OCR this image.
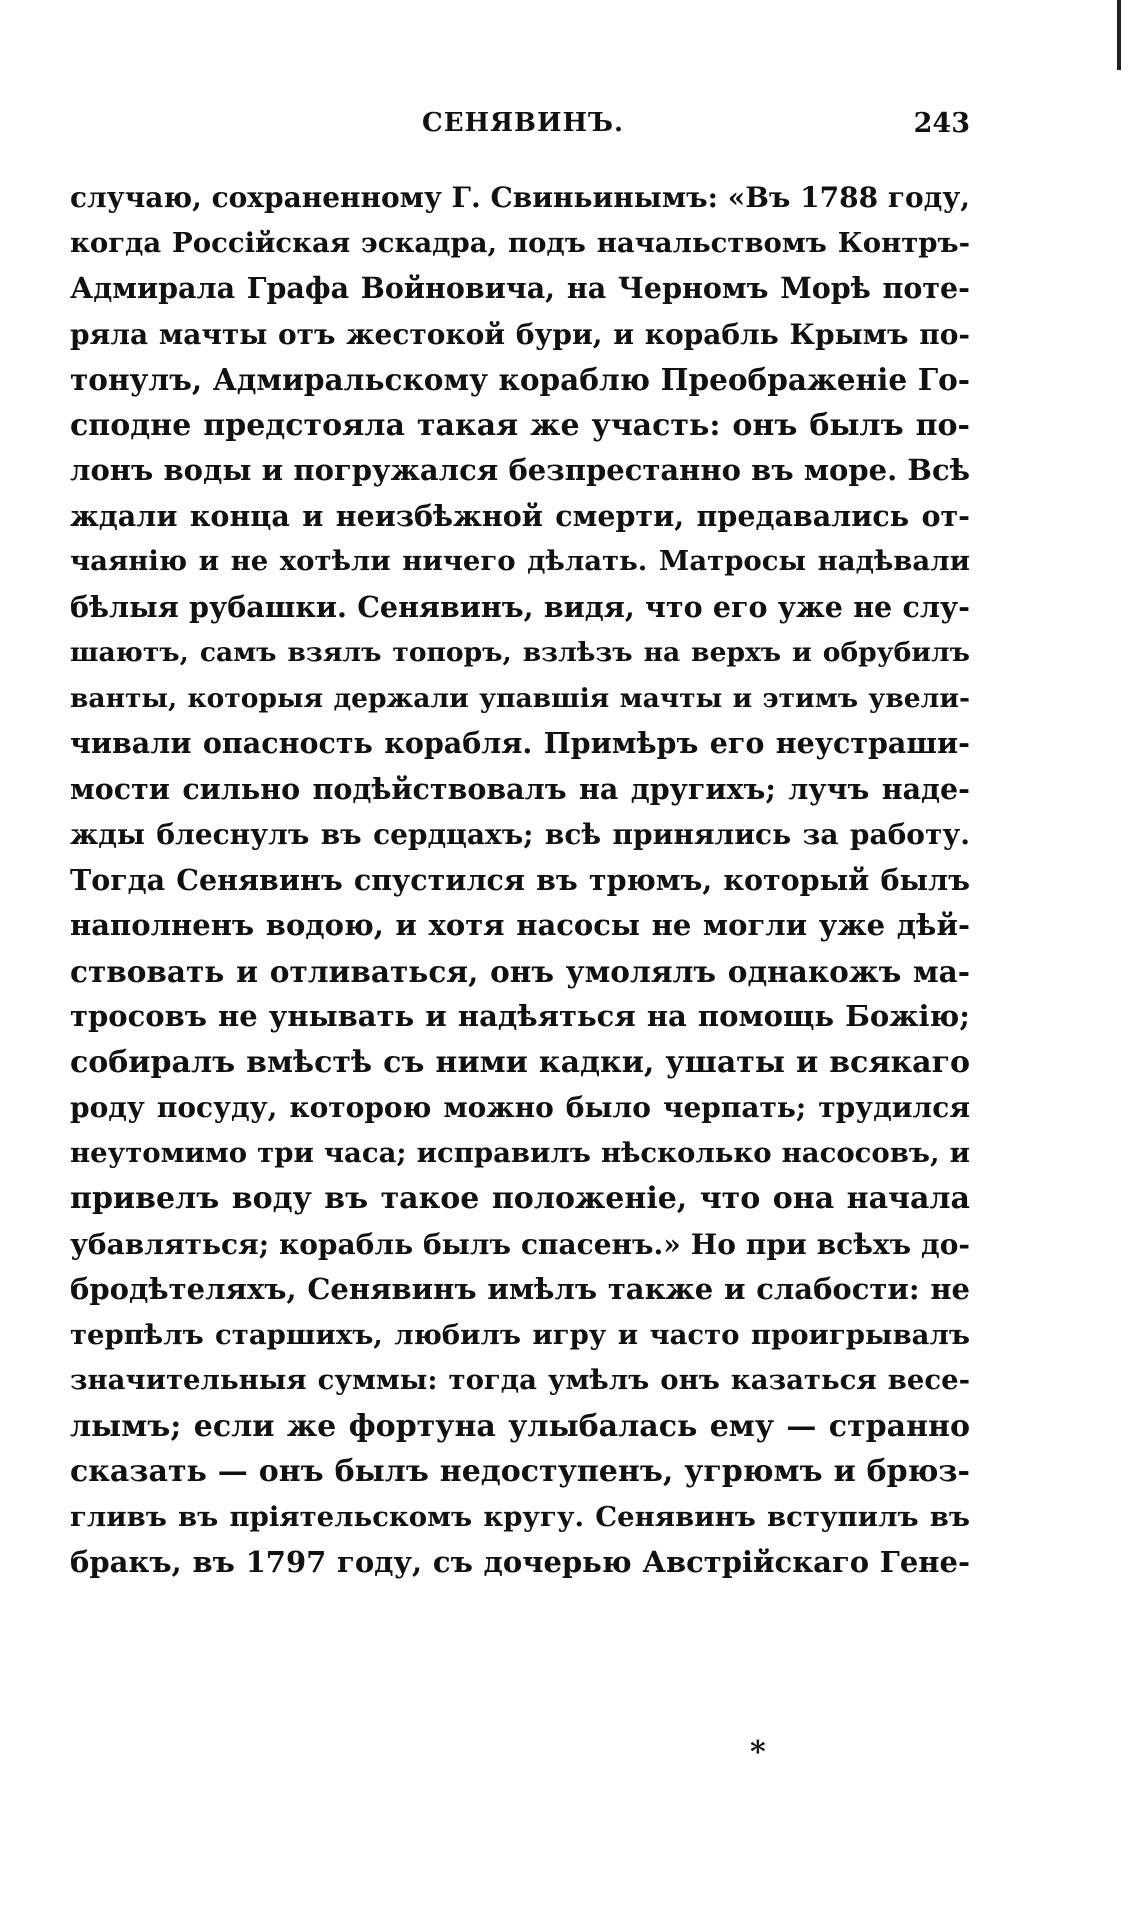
СЕНЯВИНЪ.	243
случаю, сохраненному Г. Свиньинымъ: «Въ 1788 году,
когда Россійская эскадра, подъ начальствомъ Контръ-
Адмирала Графа Войновича, на Черномъ Морѣ поте-
ряла мачты отъ жестокой бури, и корабль Крымъ по-
тонулъ, Адмиральскому кораблю Преображеніе Го-
сподне предстояла такая же участь: онъ былъ по-
лонъ воды и погружался безпрестанно въ море. Всѣ
ждали конца и неизбѣжной смерти, предавались от-
чаянію и не хотѣли ничего дѣлать. Матросы надѣвали
бѣлыя рубашки. Сенявинъ, видя, что его уже не слу-
шаютъ, самъ взялъ топоръ, взлѣзъ на верхъ и обрубилъ
ванты, которыя держали упавшія мачты и этимъ увели-
чивали опасность корабля. Примѣръ его неустраши-
мости сильно подѣйствовалъ на другихъ; лучъ наде-
жды блеснулъ въ сердцахъ; всѣ принялись за работу.
Тогда Сенявинъ спустился въ трюмъ, который былъ
наполненъ водою, и хотя насосы не могли уже дѣй-
ствовать и отливаться, онъ умолялъ однакожъ ма-
тросовъ не унывать и надѣяться на помощь Божію;
собиралъ вмѣстѣ съ ними кадки, ушаты и всякаго
роду посуду, которою можно было черпать; трудился
неутомимо три часа; исправилъ нѣсколько насосовъ, и
привелъ воду въ такое положеніе, что она начала
убавляться; корабль былъ спасенъ.» Но при всѣхъ до-
бродѣтеляхъ, Сенявинъ имѣлъ также и слабости: не
терпѣлъ старшихъ, любилъ игру и часто проигрывалъ
значительныя суммы: тогда умѣлъ онъ казаться весе-
лымъ; если же фортуна улыбалась ему — странно
сказать — онъ былъ недоступенъ, угрюмъ и брюз-
гливъ въ пріятельскомъ кругу. Сенявинъ вступилъ въ
бракъ, въ 1797 году, съ дочерью Австрійскаго Гене-
*
